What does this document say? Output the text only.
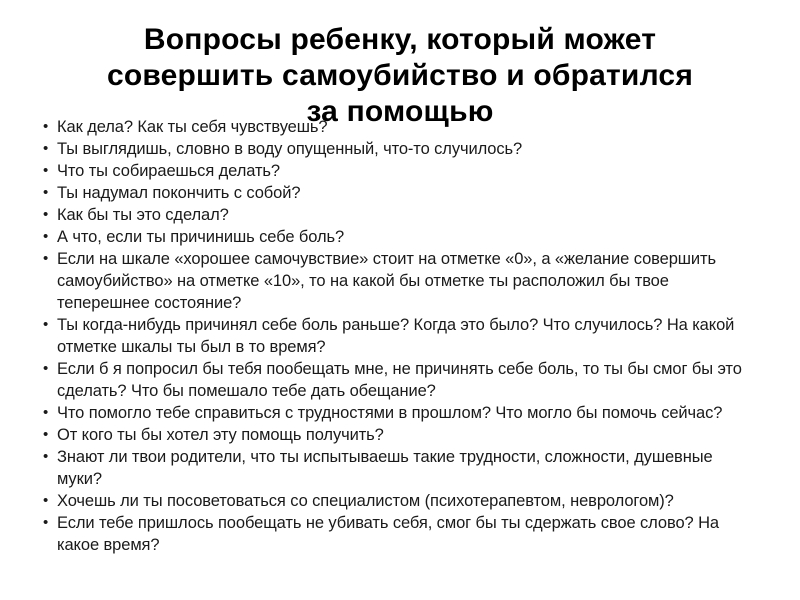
Вопросы ребенку, который может
совершить самоубийство и обратился
за помощью
• Как дела? Как ты себя чувствуешь?
• Ты выглядишь, словно в воду опущенный, что-то случилось?
• Что ты собираешься делать?
• Ты надумал покончить с собой?
• Как бы ты это сделал?
• А что, если ты причинишь себе боль?
• Если на шкале «хорошее самочувствие» стоит на отметке «0», а «желание совершить самоубийство» на отметке «10», то на какой бы отметке ты расположил бы твое теперешнее состояние?
• Ты когда-нибудь причинял себе боль раньше? Когда это было? Что случилось? На какой отметке шкалы ты был в то время?
• Если б я попросил бы тебя пообещать мне, не причинять себе боль, то ты бы смог бы это сделать? Что бы помешало тебе дать обещание?
• Что помогло тебе справиться с трудностями в прошлом? Что могло бы помочь сейчас?
• От кого ты бы хотел эту помощь получить?
• Знают ли твои родители, что ты испытываешь такие трудности, сложности, душевные муки?
• Хочешь ли ты посоветоваться со специалистом (психотерапевтом, неврологом)?
• Если тебе пришлось пообещать не убивать себя, смог бы ты сдержать свое слово? На какое время?
